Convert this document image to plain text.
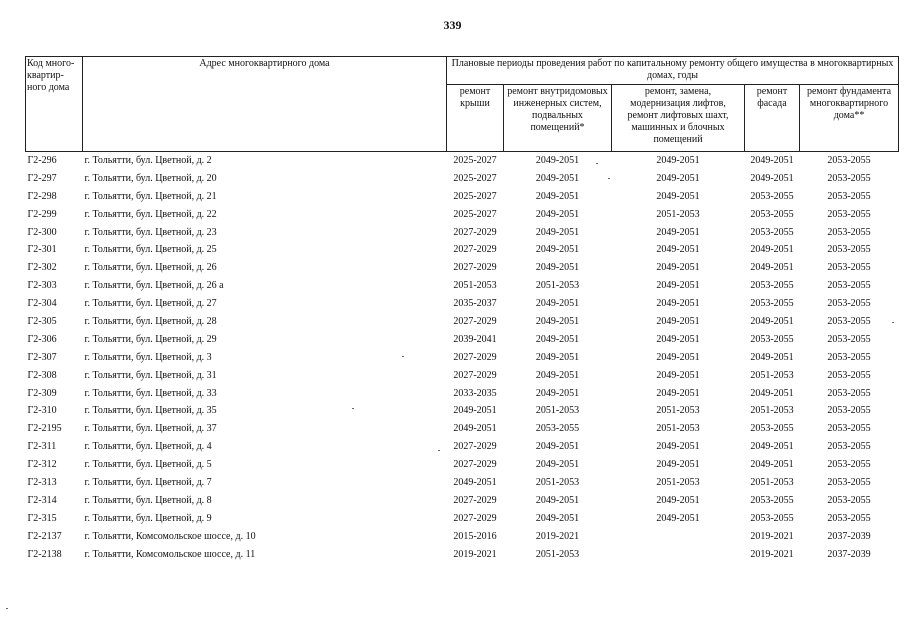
339
Код много-квартир-ного дома	Адрес многоквартирного дома	Плановые периоды проведения работ по капитальному ремонту общего имущества в многоквартирных домах, годы				
		ремонт крыши	ремонт внутридомовых инженерных систем, подвальных помещений*	ремонт, замена, модернизация лифтов, ремонт лифтовых шахт, машинных и блочных помещений	ремонт фасада	ремонт фундамента многоквартирного дома**
Г2-296	г. Тольятти, бул. Цветной, д. 2	2025-2027	2049-2051	2049-2051	2049-2051	2053-2055
Г2-297	г. Тольятти, бул. Цветной, д. 20	2025-2027	2049-2051	2049-2051	2049-2051	2053-2055
Г2-298	г. Тольятти, бул. Цветной, д. 21	2025-2027	2049-2051	2049-2051	2053-2055	2053-2055
Г2-299	г. Тольятти, бул. Цветной, д. 22	2025-2027	2049-2051	2051-2053	2053-2055	2053-2055
Г2-300	г. Тольятти, бул. Цветной, д. 23	2027-2029	2049-2051	2049-2051	2053-2055	2053-2055
Г2-301	г. Тольятти, бул. Цветной, д. 25	2027-2029	2049-2051	2049-2051	2049-2051	2053-2055
Г2-302	г. Тольятти, бул. Цветной, д. 26	2027-2029	2049-2051	2049-2051	2049-2051	2053-2055
Г2-303	г. Тольятти, бул. Цветной, д. 26 а	2051-2053	2051-2053	2049-2051	2053-2055	2053-2055
Г2-304	г. Тольятти, бул. Цветной, д. 27	2035-2037	2049-2051	2049-2051	2053-2055	2053-2055
Г2-305	г. Тольятти, бул. Цветной, д. 28	2027-2029	2049-2051	2049-2051	2049-2051	2053-2055
Г2-306	г. Тольятти, бул. Цветной, д. 29	2039-2041	2049-2051	2049-2051	2053-2055	2053-2055
Г2-307	г. Тольятти, бул. Цветной, д. 3	2027-2029	2049-2051	2049-2051	2049-2051	2053-2055
Г2-308	г. Тольятти, бул. Цветной, д. 31	2027-2029	2049-2051	2049-2051	2051-2053	2053-2055
Г2-309	г. Тольятти, бул. Цветной, д. 33	2033-2035	2049-2051	2049-2051	2049-2051	2053-2055
Г2-310	г. Тольятти, бул. Цветной, д. 35	2049-2051	2051-2053	2051-2053	2051-2053	2053-2055
Г2-2195	г. Тольятти, бул. Цветной, д. 37	2049-2051	2053-2055	2051-2053	2053-2055	2053-2055
Г2-311	г. Тольятти, бул. Цветной, д. 4	2027-2029	2049-2051	2049-2051	2049-2051	2053-2055
Г2-312	г. Тольятти, бул. Цветной, д. 5	2027-2029	2049-2051	2049-2051	2049-2051	2053-2055
Г2-313	г. Тольятти, бул. Цветной, д. 7	2049-2051	2051-2053	2051-2053	2051-2053	2053-2055
Г2-314	г. Тольятти, бул. Цветной, д. 8	2027-2029	2049-2051	2049-2051	2053-2055	2053-2055
Г2-315	г. Тольятти, бул. Цветной, д. 9	2027-2029	2049-2051	2049-2051	2053-2055	2053-2055
Г2-2137	г. Тольятти, Комсомольское шоссе, д. 10	2015-2016	2019-2021		2019-2021	2037-2039
Г2-2138	г. Тольятти, Комсомольское шоссе, д. 11	2019-2021	2051-2053		2019-2021	2037-2039
